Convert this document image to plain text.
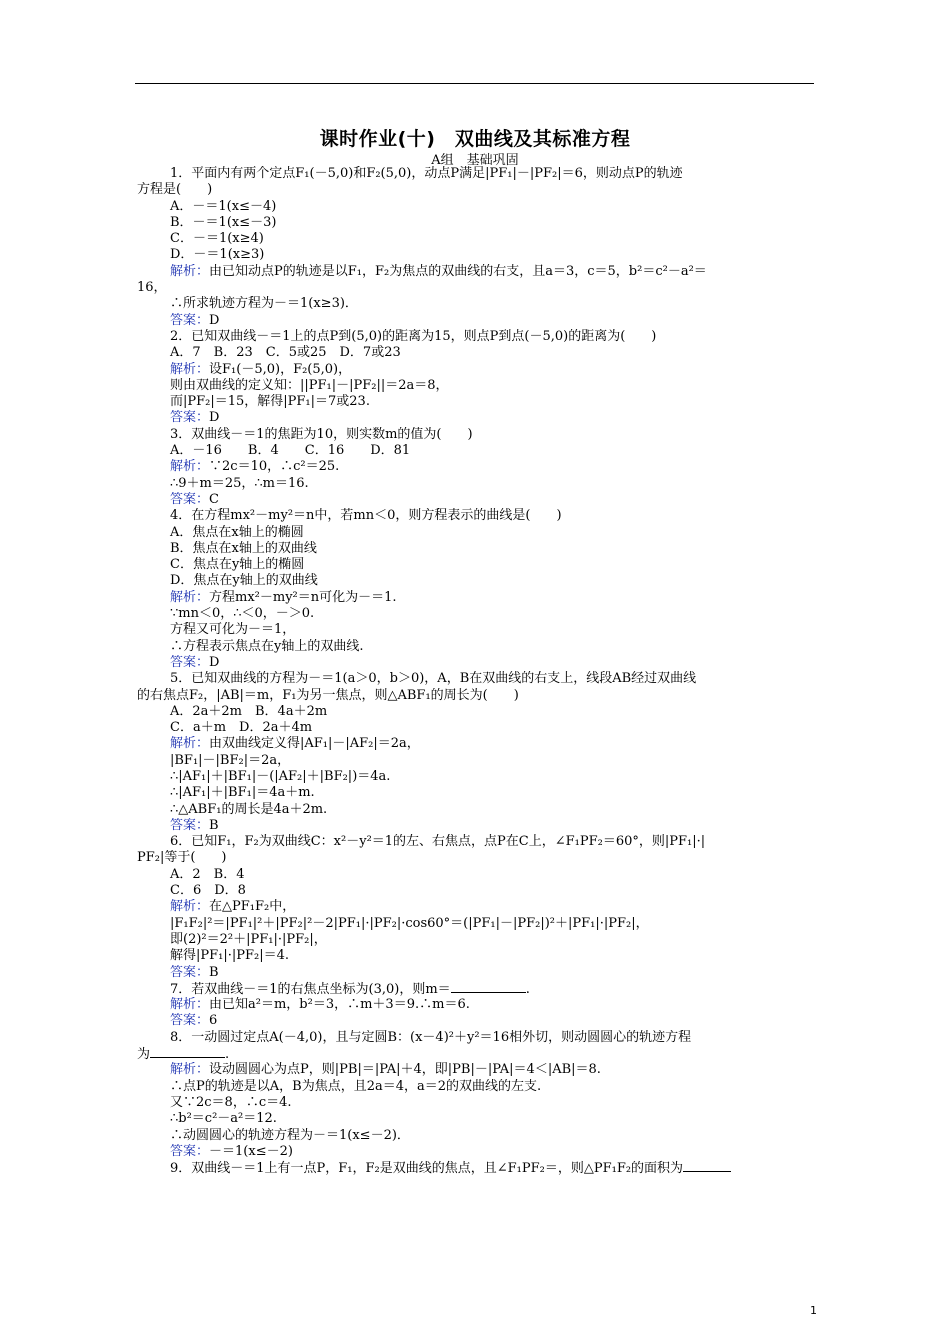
课时作业(十)　双曲线及其标准方程
A组　基础巩固
1．平面内有两个定点F₁(－5,0)和F₂(5,0)，动点P满足|PF₁|－|PF₂|＝6，则动点P的轨迹
方程是(　　)
A．－＝1(x≤－4)
B．－＝1(x≤－3)
C．－＝1(x≥4)
D．－＝1(x≥3)
解析：由已知动点P的轨迹是以F₁，F₂为焦点的双曲线的右支，且a＝3，c＝5，b²＝c²－a²＝
16，
∴所求轨迹方程为－＝1(x≥3)．
答案：D
2．已知双曲线－＝1上的点P到(5,0)的距离为15，则点P到点(－5,0)的距离为(　　)
A．7　B．23　C．5或25　D．7或23
解析：设F₁(－5,0)，F₂(5,0)，
则由双曲线的定义知：||PF₁|－|PF₂||＝2a＝8，
而|PF₂|＝15，解得|PF₁|＝7或23.
答案：D
3．双曲线－＝1的焦距为10，则实数m的值为(　　)
A．－16　　B．4　　C．16　　D．81
解析：∵2c＝10，∴c²＝25.
∴9＋m＝25，∴m＝16.
答案：C
4．在方程mx²－my²＝n中，若mn＜0，则方程表示的曲线是(　　)
A．焦点在x轴上的椭圆
B．焦点在x轴上的双曲线
C．焦点在y轴上的椭圆
D．焦点在y轴上的双曲线
解析：方程mx²－my²＝n可化为－＝1.
∵mn＜0，∴＜0，－＞0.
方程又可化为－＝1，
∴方程表示焦点在y轴上的双曲线.
答案：D
5．已知双曲线的方程为－＝1(a＞0，b＞0)，A，B在双曲线的右支上，线段AB经过双曲线
的右焦点F₂，|AB|＝m，F₁为另一焦点，则△ABF₁的周长为(　　)
A．2a＋2m　B．4a＋2m
C．a＋m　D．2a＋4m
解析：由双曲线定义得|AF₁|－|AF₂|＝2a，
|BF₁|－|BF₂|＝2a，
∴|AF₁|＋|BF₁|－(|AF₂|＋|BF₂|)＝4a.
∴|AF₁|＋|BF₁|＝4a＋m.
∴△ABF₁的周长是4a＋2m.
答案：B
6．已知F₁，F₂为双曲线C：x²－y²＝1的左、右焦点，点P在C上，∠F₁PF₂＝60°，则|PF₁|·|
PF₂|等于(　　)
A．2　B．4
C．6　D．8
解析：在△PF₁F₂中，
|F₁F₂|²＝|PF₁|²＋|PF₂|²－2|PF₁|·|PF₂|·cos60°＝(|PF₁|－|PF₂|)²＋|PF₁|·|PF₂|，
即(2)²＝2²＋|PF₁|·|PF₂|，
解得|PF₁|·|PF₂|＝4.
答案：B
7．若双曲线－＝1的右焦点坐标为(3,0)，则m＝	.
解析：由已知a²＝m，b²＝3，∴m＋3＝9.∴m＝6.
答案：6
8．一动圆过定点A(－4,0)，且与定圆B：(x－4)²＋y²＝16相外切，则动圆圆心的轨迹方程
为	.
解析：设动圆圆心为点P，则|PB|＝|PA|＋4，即|PB|－|PA|＝4＜|AB|＝8.
∴点P的轨迹是以A，B为焦点，且2a＝4，a＝2的双曲线的左支.
又∵2c＝8，∴c＝4.
∴b²＝c²－a²＝12.
∴动圆圆心的轨迹方程为－＝1(x≤－2)．
答案：－＝1(x≤－2)
9．双曲线－＝1上有一点P，F₁，F₂是双曲线的焦点，且∠F₁PF₂＝，则△PF₁F₂的面积为
1
